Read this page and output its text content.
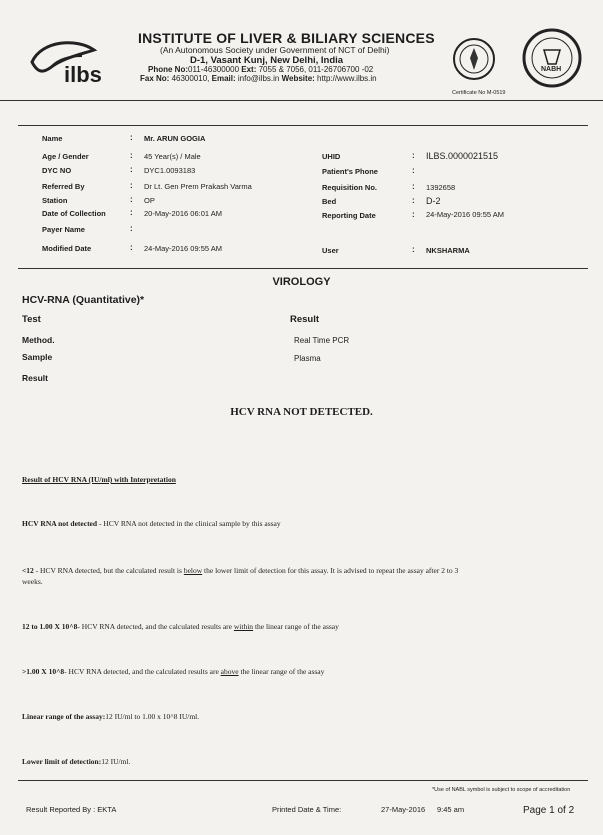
ilbs
INSTITUTE OF LIVER & BILIARY SCIENCES
(An Autonomous Society under Government of NCT of Delhi)
D-1, Vasant Kunj, New Delhi, India
Phone No:011-46300000 Ext: 7055 & 7056, 011-26706700 -02
Fax No: 46300010, Email: info@ilbs.in Website: http://www.ilbs.in
NABH
Certificate No M-0519
Name	: Mr. ARUN GOGIA
Age / Gender	: 45 Year(s) / Male	UHID	: ILBS.0000021515
DYC NO	: DYC1.0093183	Patient's Phone	:
Referred By	: Dr Lt. Gen Prem Prakash Varma	Requisition No.	: 1392658
Station	: OP	Bed	: D-2
Date of Collection	: 20-May-2016 06:01 AM	Reporting Date	: 24-May-2016 09:55 AM
Payer Name	:
Modified Date	: 24-May-2016 09:55 AM	User	: NKSHARMA
VIROLOGY
HCV-RNA (Quantitative)*
Test	Result
Method.	Real Time PCR
Sample	Plasma
Result
HCV RNA NOT DETECTED.
Result of HCV RNA (IU/ml) with Interpretation
HCV RNA not detected - HCV RNA not detected in the clinical sample by this assay
<12 - HCV RNA detected, but the calculated result is below the lower limit of detection for this assay. It is advised to repeat the assay after 2 to 3
weeks.
12 to 1.00 X 10^8- HCV RNA detected, and the calculated results are within the linear range of the assay
>1.00 X 10^8- HCV RNA detected, and the calculated results are above the linear range of the assay
Linear range of the assay:12 IU/ml to 1.00 x 10^8 IU/ml.
Lower limit of detection:12 IU/ml.
*Use of NABL symbol is subject to scope of accreditation
Result Reported By : EKTA	Printed Date & Time:	27-May-2016 9:45 am	Page 1 of 2
